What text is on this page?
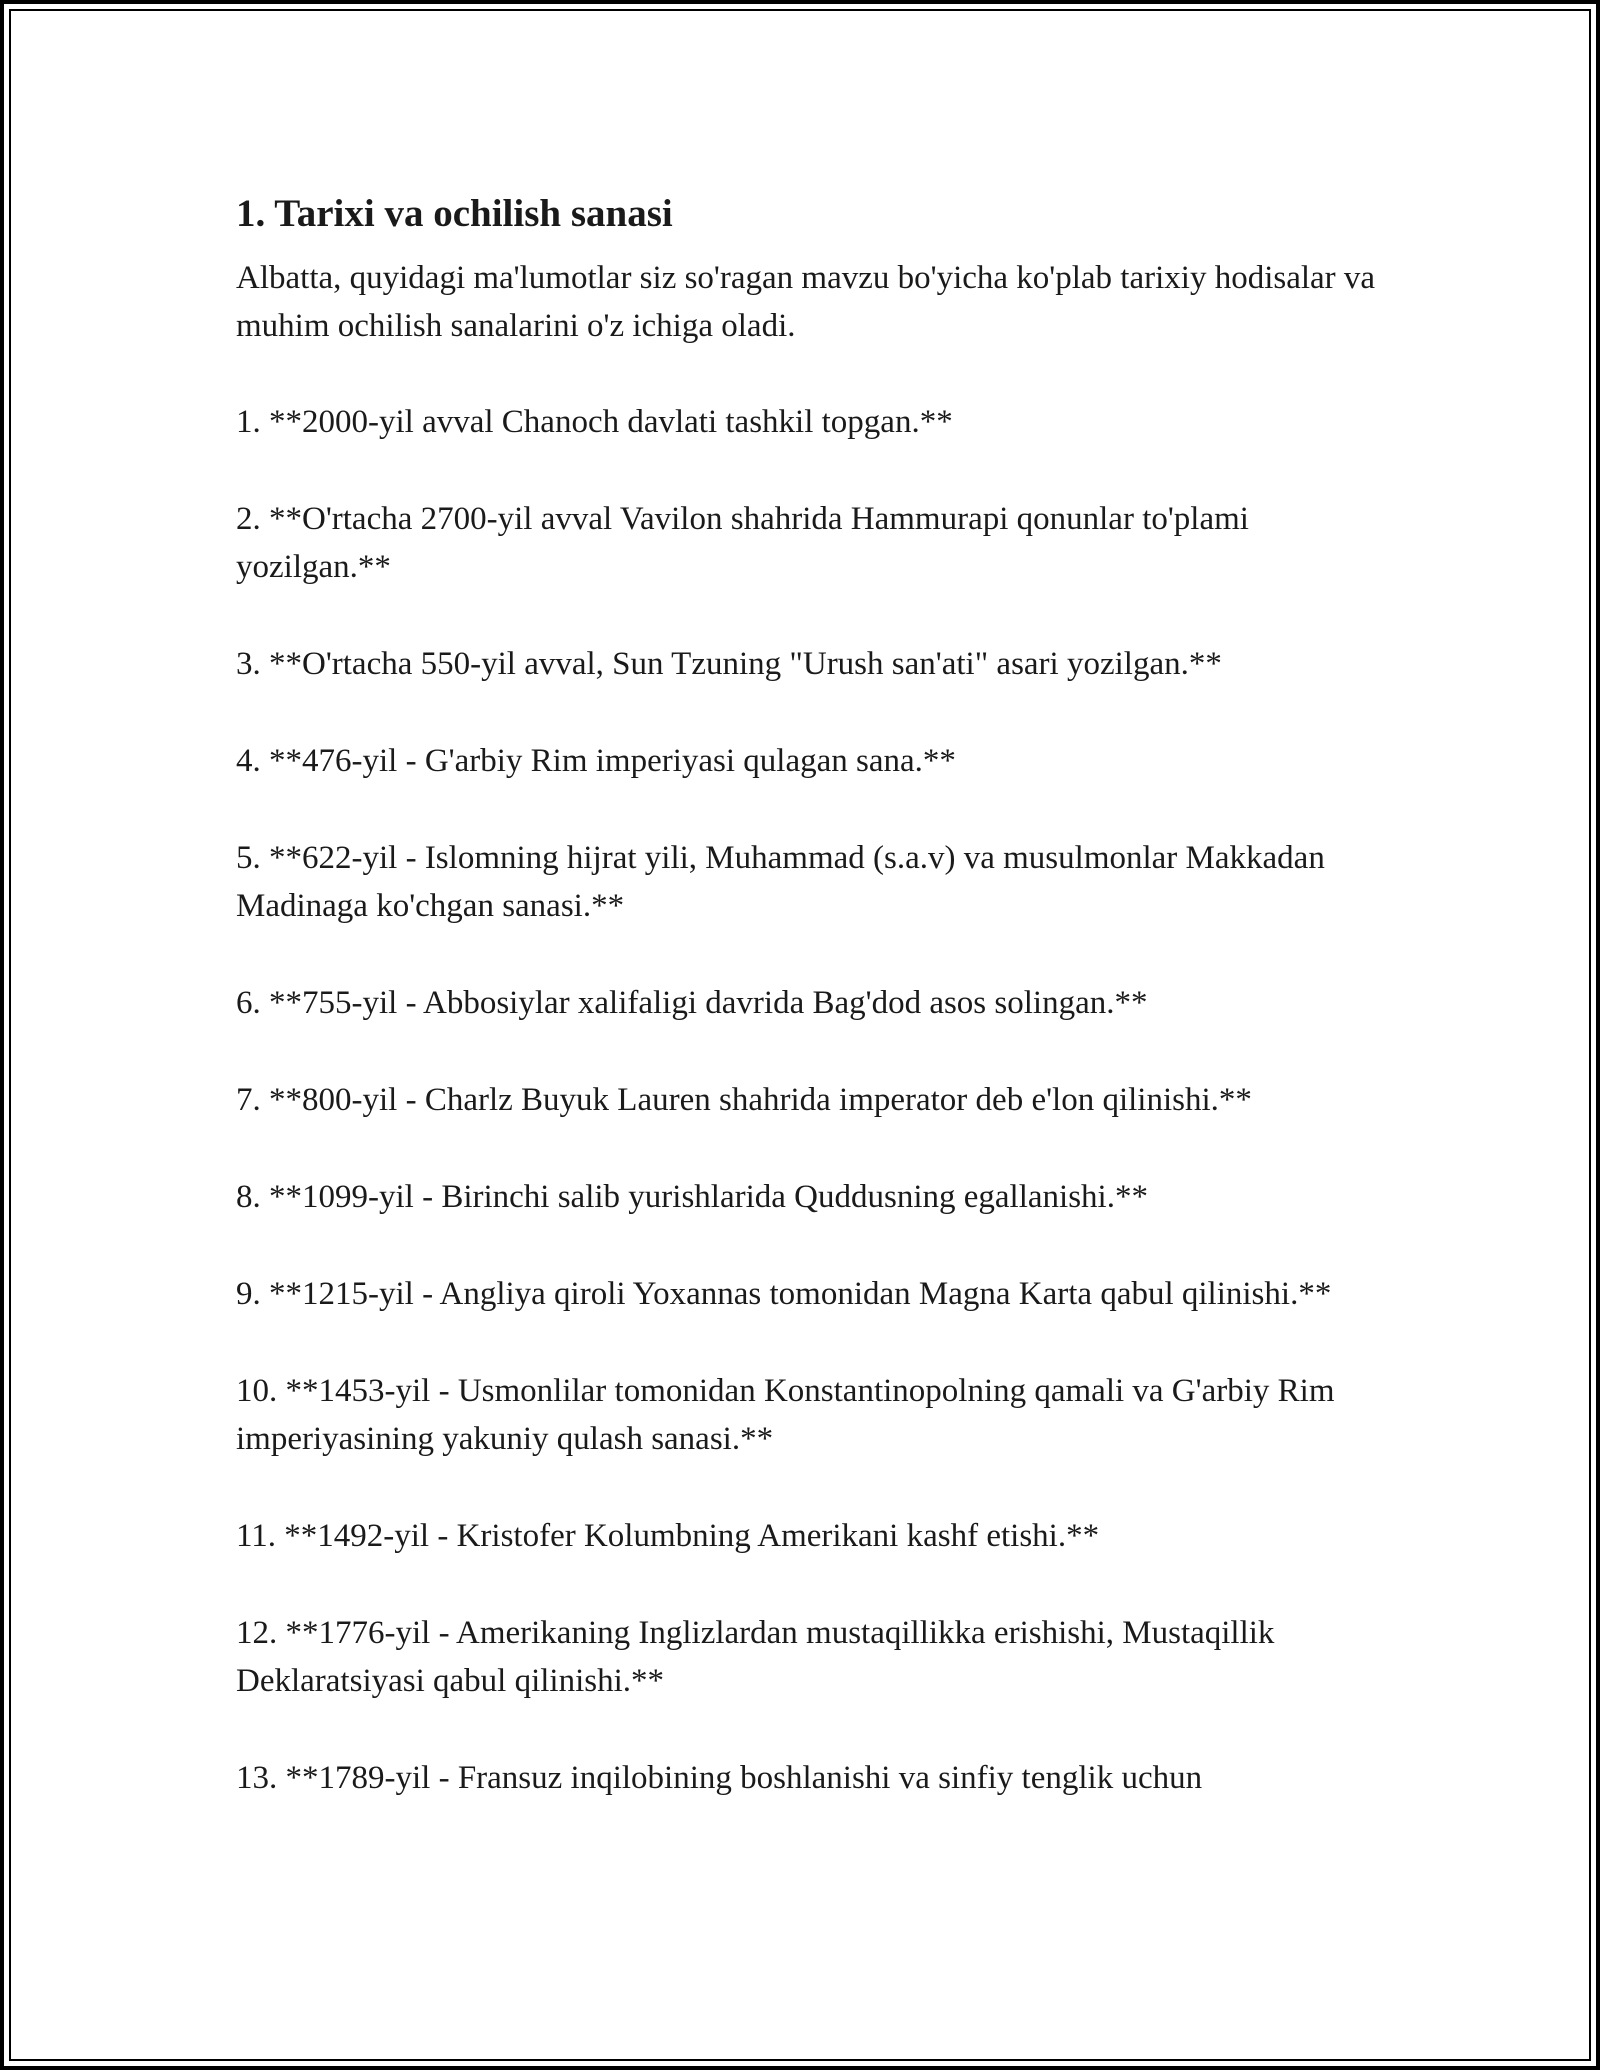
1. Tarixi va ochilish sanasi

Albatta, quyidagi ma'lumotlar siz so'ragan mavzu bo'yicha ko'plab tarixiy hodisalar va muhim ochilish sanalarini o'z ichiga oladi.

1. **2000-yil avval Chanoch davlati tashkil topgan.**
2. **O'rtacha 2700-yil avval Vavilon shahrida Hammurapi qonunlar to'plami yozilgan.**
3. **O'rtacha 550-yil avval, Sun Tzuning "Urush san'ati" asari yozilgan.**
4. **476-yil - G'arbiy Rim imperiyasi qulagan sana.**
5. **622-yil - Islomning hijrat yili, Muhammad (s.a.v) va musulmonlar Makkadan Madinaga ko'chgan sanasi.**
6. **755-yil - Abbosiylar xalifaligi davrida Bag'dod asos solingan.**
7. **800-yil - Charlz Buyuk Lauren shahrida imperator deb e'lon qilinishi.**
8. **1099-yil - Birinchi salib yurishlarida Quddusning egallanishi.**
9. **1215-yil - Angliya qiroli Yoxannas tomonidan Magna Karta qabul qilinishi.**
10. **1453-yil - Usmonlilar tomonidan Konstantinopolning qamali va G'arbiy Rim imperiyasining yakuniy qulash sanasi.**
11. **1492-yil - Kristofer Kolumbning Amerikani kashf etishi.**
12. **1776-yil - Amerikaning Inglizlardan mustaqillikka erishishi, Mustaqillik Deklaratsiyasi qabul qilinishi.**
13. **1789-yil - Fransuz inqilobining boshlanishi va sinfiy tenglik uchun
